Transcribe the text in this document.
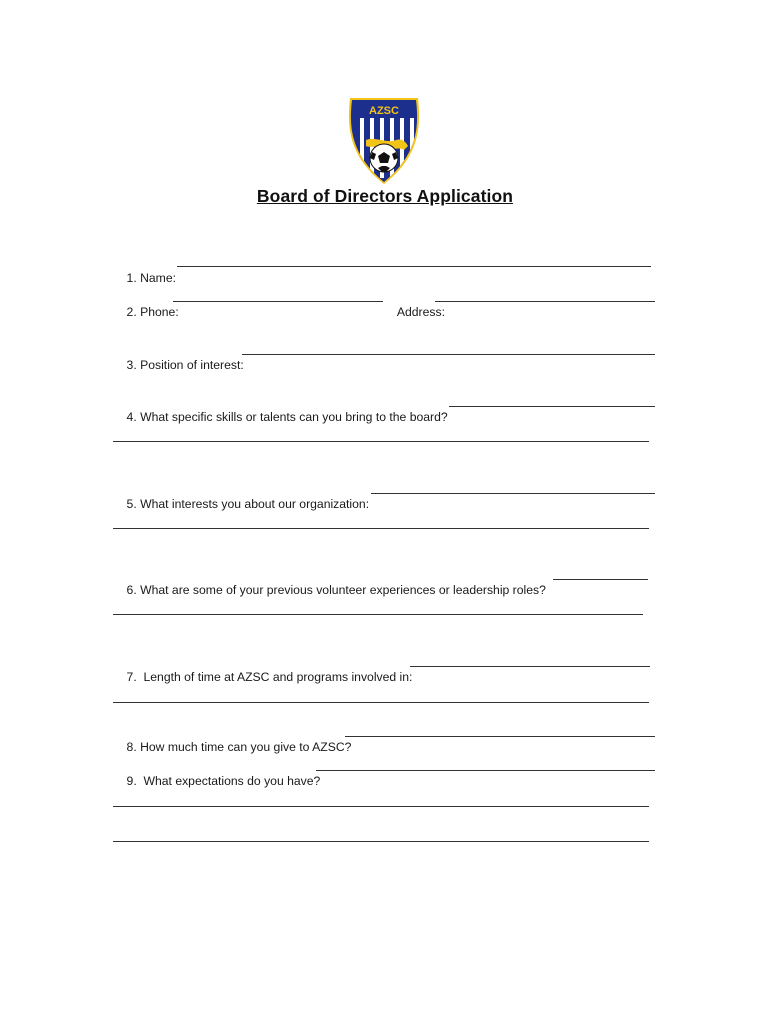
AZSC
Board of Directors Application

1. Name:

2. Phone:
	Address:

3. Position of interest:

4. What specific skills or talents can you bring to the board?

5. What interests you about our organization:

6. What are some of your previous volunteer experiences or leadership roles?

7.  Length of time at AZSC and programs involved in:

8. How much time can you give to AZSC?

9.  What expectations do you have?
